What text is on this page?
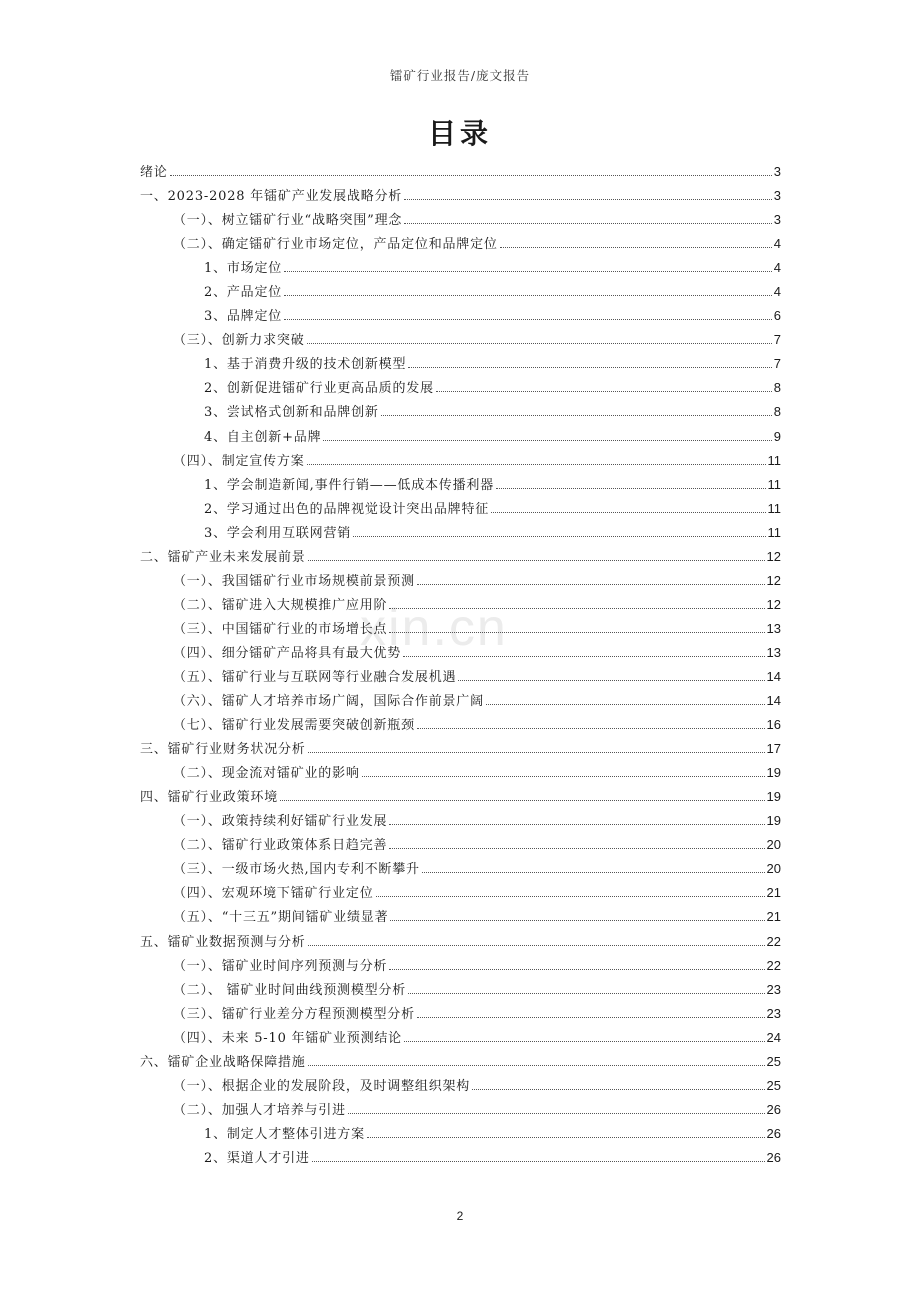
镭矿行业报告/庞文报告
目录
xin.cn
绪论	3
一、2023-2028 年镭矿产业发展战略分析	3
（一）、树立镭矿行业“战略突围”理念	3
（二）、确定镭矿行业市场定位，产品定位和品牌定位	4
1、市场定位	4
2、产品定位	4
3、品牌定位	6
（三）、创新力求突破	7
1、基于消费升级的技术创新模型	7
2、创新促进镭矿行业更高品质的发展	8
3、尝试格式创新和品牌创新	8
4、自主创新+品牌	9
（四）、制定宣传方案	11
1、学会制造新闻,事件行销——低成本传播利器	11
2、学习通过出色的品牌视觉设计突出品牌特征	11
3、学会利用互联网营销	11
二、镭矿产业未来发展前景	12
（一）、我国镭矿行业市场规模前景预测	12
（二）、镭矿进入大规模推广应用阶	12
（三）、中国镭矿行业的市场增长点	13
（四）、细分镭矿产品将具有最大优势	13
（五）、镭矿行业与互联网等行业融合发展机遇	14
（六）、镭矿人才培养市场广阔，国际合作前景广阔	14
（七）、镭矿行业发展需要突破创新瓶颈	16
三、镭矿行业财务状况分析	17
（二）、现金流对镭矿业的影响	19
四、镭矿行业政策环境	19
（一）、政策持续利好镭矿行业发展	19
（二）、镭矿行业政策体系日趋完善	20
（三）、一级市场火热,国内专利不断攀升	20
（四）、宏观环境下镭矿行业定位	21
（五）、“十三五”期间镭矿业绩显著	21
五、镭矿业数据预测与分析	22
（一）、镭矿业时间序列预测与分析	22
（二）、 镭矿业时间曲线预测模型分析	23
（三）、镭矿行业差分方程预测模型分析	23
（四）、未来 5-10 年镭矿业预测结论	24
六、镭矿企业战略保障措施	25
（一）、根据企业的发展阶段，及时调整组织架构	25
（二）、加强人才培养与引进	26
1、制定人才整体引进方案	26
2、渠道人才引进	26
2
